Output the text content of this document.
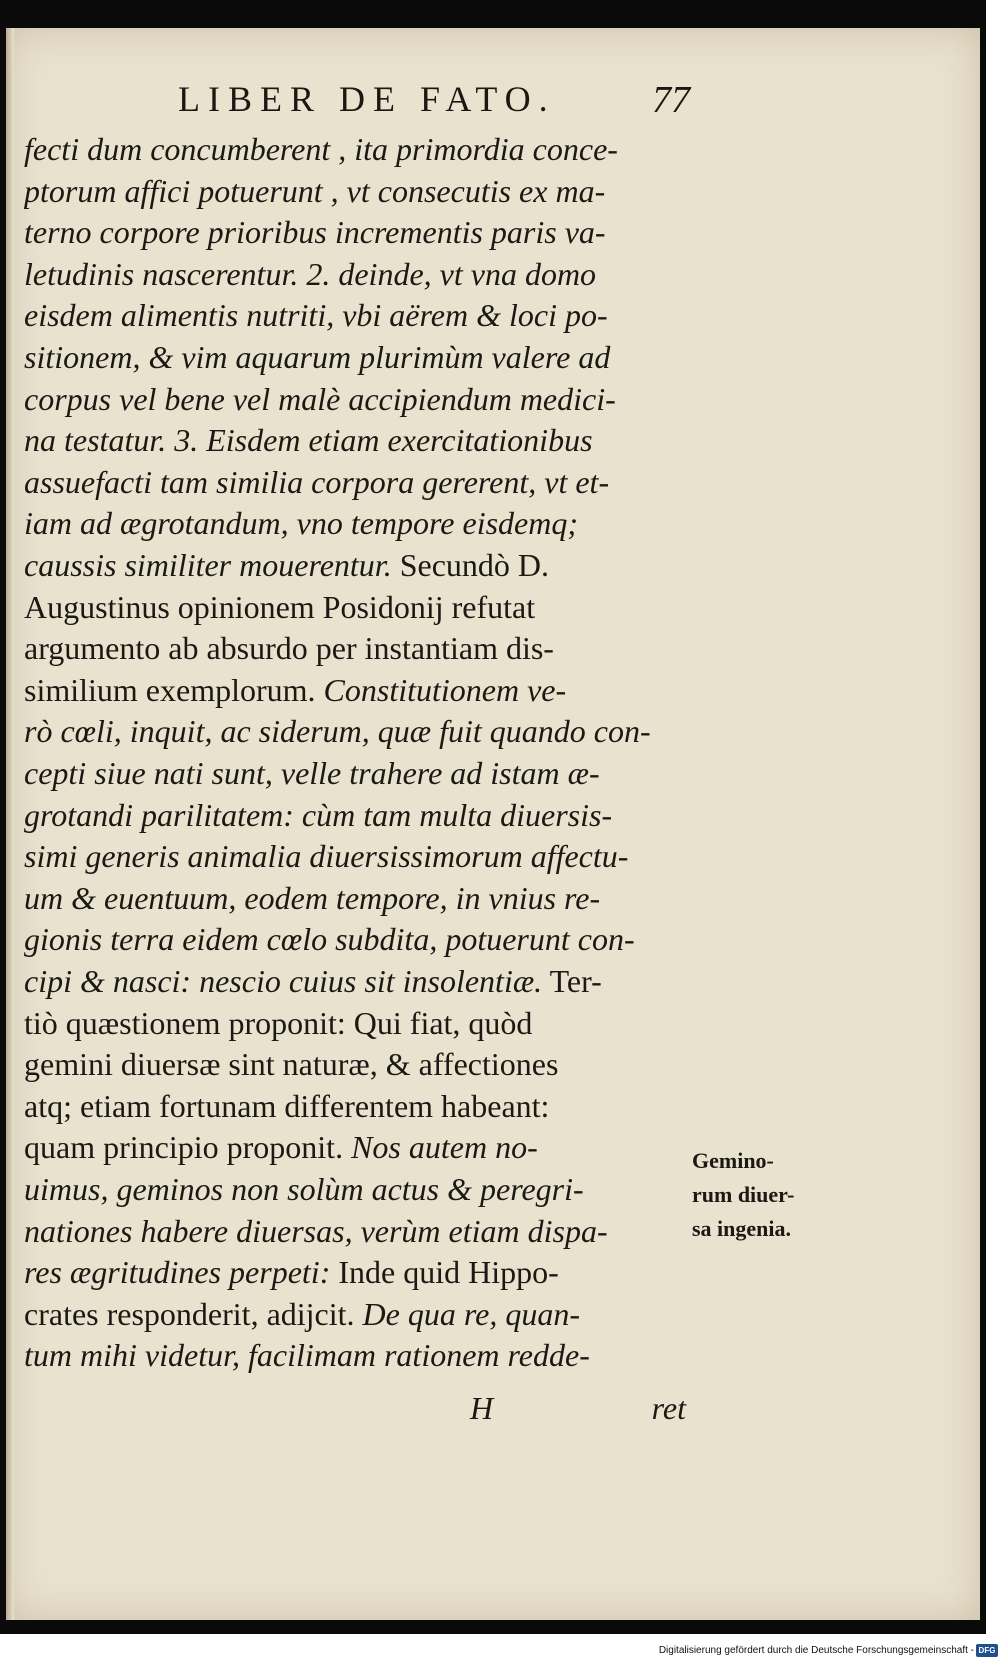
LIBER DE FATO.	77
fecti dum concumberent , ita primordia conce-
ptorum affici potuerunt , vt consecutis ex ma-
terno corpore prioribus incrementis paris va-
letudinis nascerentur. 2. deinde, vt vna domo
eisdem alimentis nutriti, vbi aërem & loci po-
sitionem, & vim aquarum plurimùm valere ad
corpus vel bene vel malè accipiendum medici-
na testatur. 3. Eisdem etiam exercitationibus
assuefacti tam similia corpora gererent, vt et-
iam ad ægrotandum, vno tempore eisdemq;
caussis similiter mouerentur. Secundò D.
Augustinus opinionem Posidonij refutat
argumento ab absurdo per instantiam dis-
similium exemplorum. Constitutionem ve-
rò cœli, inquit, ac siderum, quæ fuit quando con-
cepti siue nati sunt, velle trahere ad istam æ-
grotandi parilitatem: cùm tam multa diuersis-
simi generis animalia diuersissimorum affectu-
um & euentuum, eodem tempore, in vnius re-
gionis terra eidem cœlo subdita, potuerunt con-
cipi & nasci: nescio cuius sit insolentiæ. Ter-
tiò quæstionem proponit: Qui fiat, quòd
gemini diuersæ sint naturæ, & affectiones
atq; etiam fortunam differentem habeant:
quam principio proponit. Nos autem no-
uimus, geminos non solùm actus & peregri-
nationes habere diuersas, verùm etiam dispa-
res ægritudines perpeti: Inde quid Hippo-
crates responderit, adijcit. De qua re, quan-
tum mihi videtur, facilimam rationem redde-
H	ret
Gemino-
rum diuer-
sa ingenia.
Digitalisierung gefördert durch die Deutsche Forschungsgemeinschaft - DFG
